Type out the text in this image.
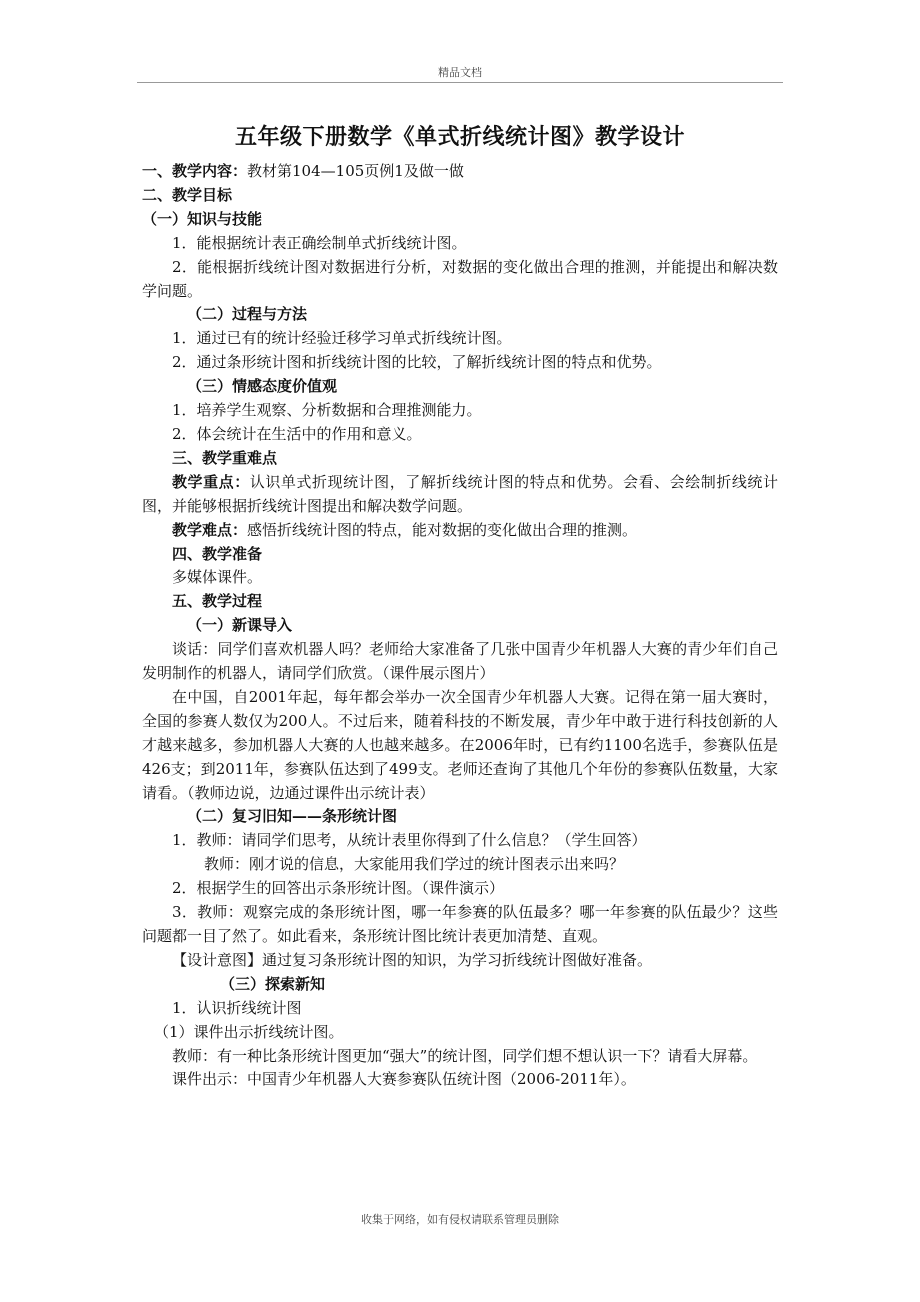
精品文档
五年级下册数学《单式折线统计图》教学设计

一、教学内容：教材第104—105页例1及做一做

二、教学目标

（一）知识与技能

1．能根据统计表正确绘制单式折线统计图。

2．能根据折线统计图对数据进行分析，对数据的变化做出合理的推测，并能提出和解决数学问题。

（二）过程与方法

1．通过已有的统计经验迁移学习单式折线统计图。

2．通过条形统计图和折线统计图的比较，了解折线统计图的特点和优势。

（三）情感态度价值观

1．培养学生观察、分析数据和合理推测能力。

2．体会统计在生活中的作用和意义。

三、教学重难点

教学重点：认识单式折现统计图，了解折线统计图的特点和优势。会看、会绘制折线统计图，并能够根据折线统计图提出和解决数学问题。

教学难点：感悟折线统计图的特点，能对数据的变化做出合理的推测。

四、教学准备

多媒体课件。

五、教学过程

（一）新课导入

谈话：同学们喜欢机器人吗？老师给大家准备了几张中国青少年机器人大赛的青少年们自己发明制作的机器人，请同学们欣赏。（课件展示图片）

在中国，自2001年起，每年都会举办一次全国青少年机器人大赛。记得在第一届大赛时，全国的参赛人数仅为200人。不过后来，随着科技的不断发展，青少年中敢于进行科技创新的人才越来越多，参加机器人大赛的人也越来越多。在2006年时，已有约1100名选手，参赛队伍是426支；到2011年，参赛队伍达到了499支。老师还查询了其他几个年份的参赛队伍数量，大家请看。（教师边说，边通过课件出示统计表）

（二）复习旧知——条形统计图

1．教师：请同学们思考，从统计表里你得到了什么信息？（学生回答）

教师：刚才说的信息，大家能用我们学过的统计图表示出来吗？

2．根据学生的回答出示条形统计图。（课件演示）

3．教师：观察完成的条形统计图，哪一年参赛的队伍最多？哪一年参赛的队伍最少？这些问题都一目了然了。如此看来，条形统计图比统计表更加清楚、直观。

【设计意图】通过复习条形统计图的知识，为学习折线统计图做好准备。

（三）探索新知

1．认识折线统计图

（1）课件出示折线统计图。

教师：有一种比条形统计图更加“强大”的统计图，同学们想不想认识一下？请看大屏幕。

课件出示：中国青少年机器人大赛参赛队伍统计图（2006-2011年）。

收集于网络，如有侵权请联系管理员删除
